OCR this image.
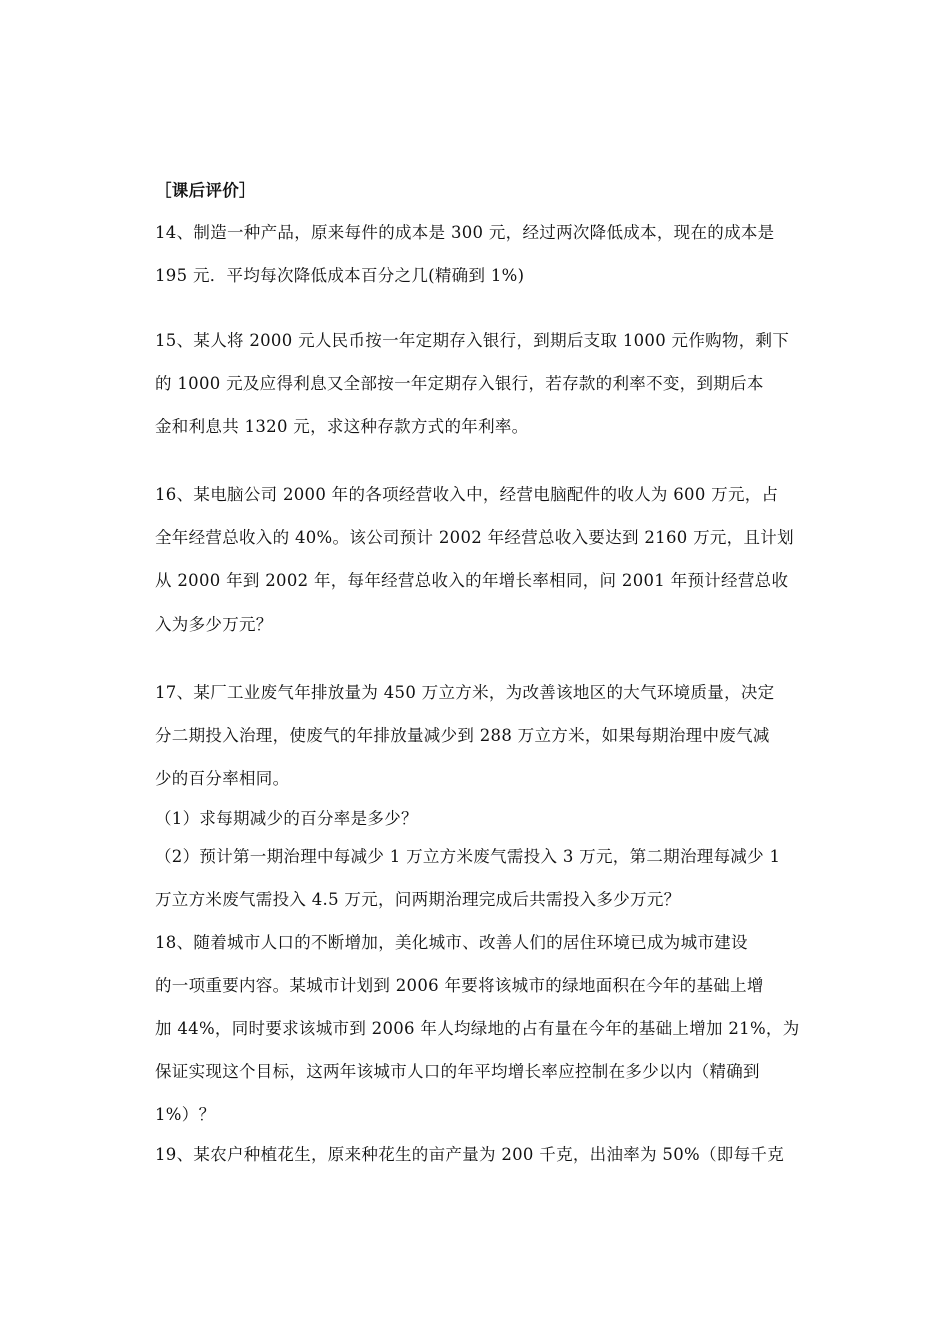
［课后评价］
14、制造一种产品，原来每件的成本是 300 元，经过两次降低成本，现在的成本是
195 元．平均每次降低成本百分之几(精确到 1%)
15、某人将 2000 元人民币按一年定期存入银行，到期后支取 1000 元作购物，剩下
的 1000 元及应得利息又全部按一年定期存入银行，若存款的利率不变，到期后本
金和利息共 1320 元，求这种存款方式的年利率。
16、某电脑公司 2000 年的各项经营收入中，经营电脑配件的收人为 600 万元，占
全年经营总收入的 40%。该公司预计 2002 年经营总收入要达到 2160 万元，且计划
从 2000 年到 2002 年，每年经营总收入的年增长率相同，问 2001 年预计经营总收
入为多少万元？
17、某厂工业废气年排放量为 450 万立方米，为改善该地区的大气环境质量，决定
分二期投入治理，使废气的年排放量减少到 288 万立方米，如果每期治理中废气减
少的百分率相同。
（1）求每期减少的百分率是多少？
（2）预计第一期治理中每减少 1 万立方米废气需投入 3 万元，第二期治理每减少 1
万立方米废气需投入 4.5 万元，问两期治理完成后共需投入多少万元？
18、随着城市人口的不断增加，美化城市、改善人们的居住环境已成为城市建设
的一项重要内容。某城市计划到 2006 年要将该城市的绿地面积在今年的基础上增
加 44%，同时要求该城市到 2006 年人均绿地的占有量在今年的基础上增加 21%，为
保证实现这个目标，这两年该城市人口的年平均增长率应控制在多少以内（精确到
1%）？
19、某农户种植花生，原来种花生的亩产量为 200 千克，出油率为 50%（即每千克
